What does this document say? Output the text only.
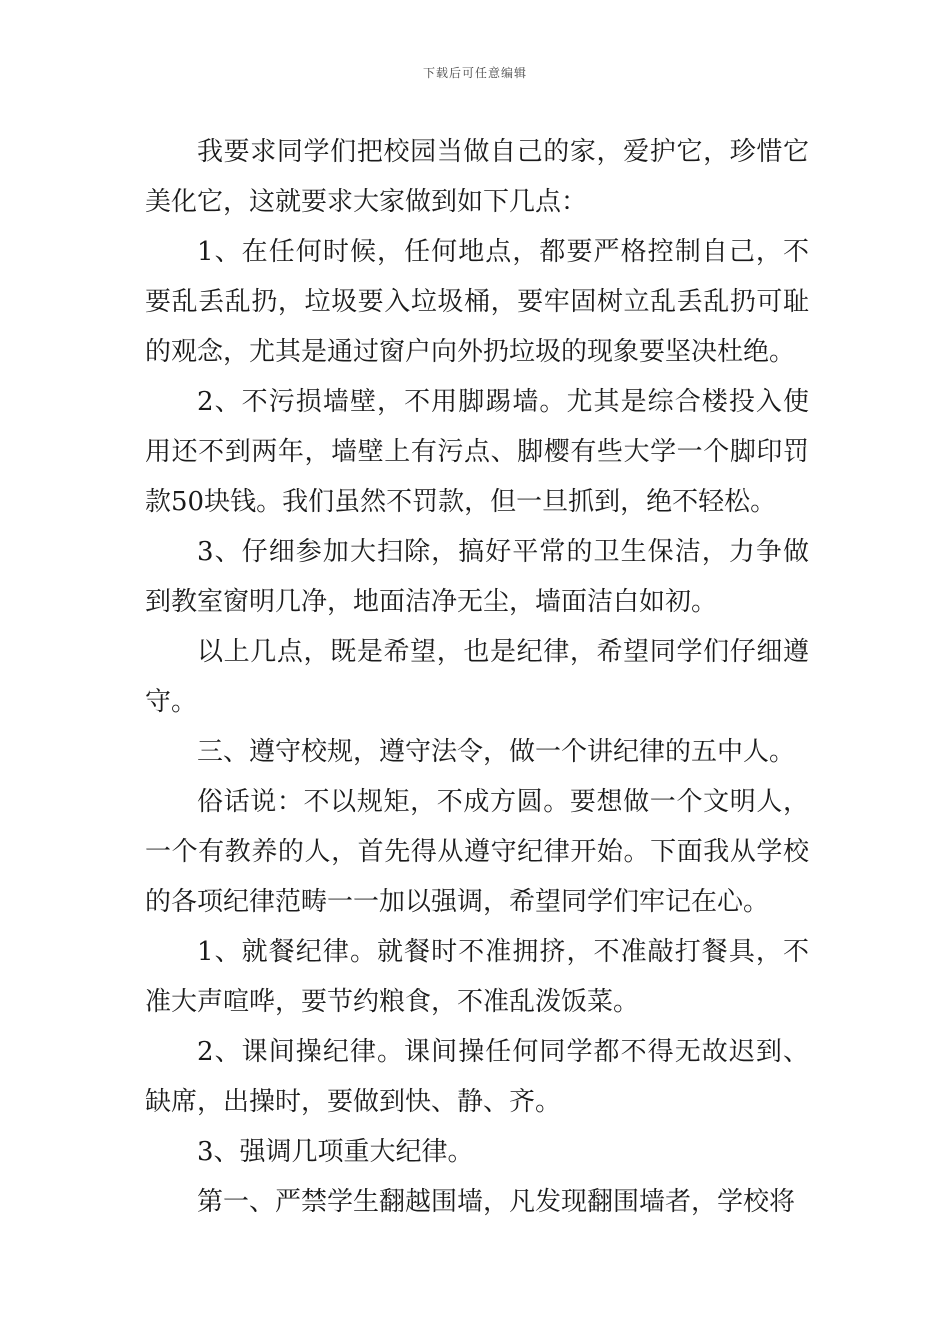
下载后可任意编辑

我要求同学们把校园当做自己的家，爱护它，珍惜它美化它，这就要求大家做到如下几点：

1、在任何时候，任何地点，都要严格控制自己，不要乱丢乱扔，垃圾要入垃圾桶，要牢固树立乱丢乱扔可耻的观念，尤其是通过窗户向外扔垃圾的现象要坚决杜绝。

2、不污损墙壁，不用脚踢墙。尤其是综合楼投入使用还不到两年，墙壁上有污点、脚樱有些大学一个脚印罚款50块钱。我们虽然不罚款，但一旦抓到，绝不轻松。

3、仔细参加大扫除，搞好平常的卫生保洁，力争做到教室窗明几净，地面洁净无尘，墙面洁白如初。

以上几点，既是希望，也是纪律，希望同学们仔细遵守。

三、遵守校规，遵守法令，做一个讲纪律的五中人。

俗话说：不以规矩，不成方圆。要想做一个文明人，一个有教养的人，首先得从遵守纪律开始。下面我从学校的各项纪律范畴一一加以强调，希望同学们牢记在心。

1、就餐纪律。就餐时不准拥挤，不准敲打餐具，不准大声喧哗，要节约粮食，不准乱泼饭菜。

2、课间操纪律。课间操任何同学都不得无故迟到、缺席，出操时，要做到快、静、齐。

3、强调几项重大纪律。

第一、严禁学生翻越围墙，凡发现翻围墙者，学校将
